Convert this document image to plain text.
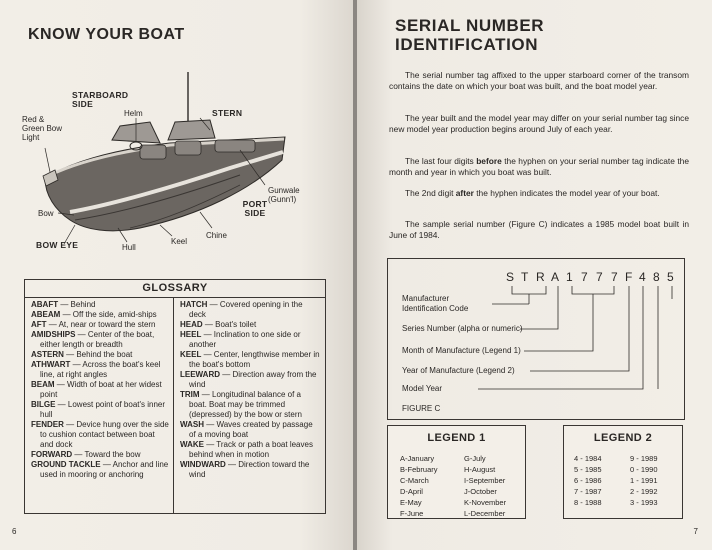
KNOW YOUR BOAT
STARBOARD SIDE
Helm	STERN
Red & Green Bow Light
Gunwale (Gunn'l)
PORT SIDE
Bow
BOW EYE	Hull
Keel
Chine
GLOSSARY

ABAFT — Behind

ABEAM — Off the side, amid-ships

AFT — At, near or toward the stern

AMIDSHIPS — Center of the boat, either length or breadth

ASTERN — Behind the boat

ATHWART — Across the boat's keel line, at right angles

BEAM — Width of boat at her widest point

BILGE — Lowest point of boat's inner hull

FENDER — Device hung over the side to cushion contact between boat and dock

FORWARD — Toward the bow

GROUND TACKLE — Anchor and line used in mooring or anchoring

HATCH — Covered opening in the deck

HEAD — Boat's toilet

HEEL — Inclination to one side or another

KEEL — Center, lengthwise member in the boat's bottom

LEEWARD — Direction away from the wind

TRIM — Longitudinal balance of a boat. Boat may be trimmed (depressed) by the bow or stern

WASH — Waves created by passage of a moving boat

WAKE — Track or path a boat leaves behind when in motion

WINDWARD — Direction toward the wind

6
SERIAL NUMBER
IDENTIFICATION

The serial number tag affixed to the upper starboard corner of the transom contains the date on which your boat was built, and the boat model year.

The year built and the model year may differ on your serial number tag since new model year production begins around July of each year.

The last four digits before the hyphen on your serial number tag indicate the month and year in which you boat was built.

The 2nd digit after the hyphen indicates the model year of your boat.

The sample serial number (Figure C) indicates a 1985 model boat built in June of 1984.

S T R A 1 7 7 7 F 4 8 5
Manufacturer Identification Code
Series Number (alpha or numeric)
Month of Manufacture (Legend 1)
Year of Manufacture (Legend 2)
Model Year
FIGURE C
LEGEND 1
A-January
B-February
C-March
D-April
E-May
F-June
G-July
H-August
I-September
J-October
K-November
L-December
LEGEND 2
4 - 1984
5 - 1985
6 - 1986
7 - 1987
8 - 1988
9 - 1989
0 - 1990
1 - 1991
2 - 1992
3 - 1993
7
